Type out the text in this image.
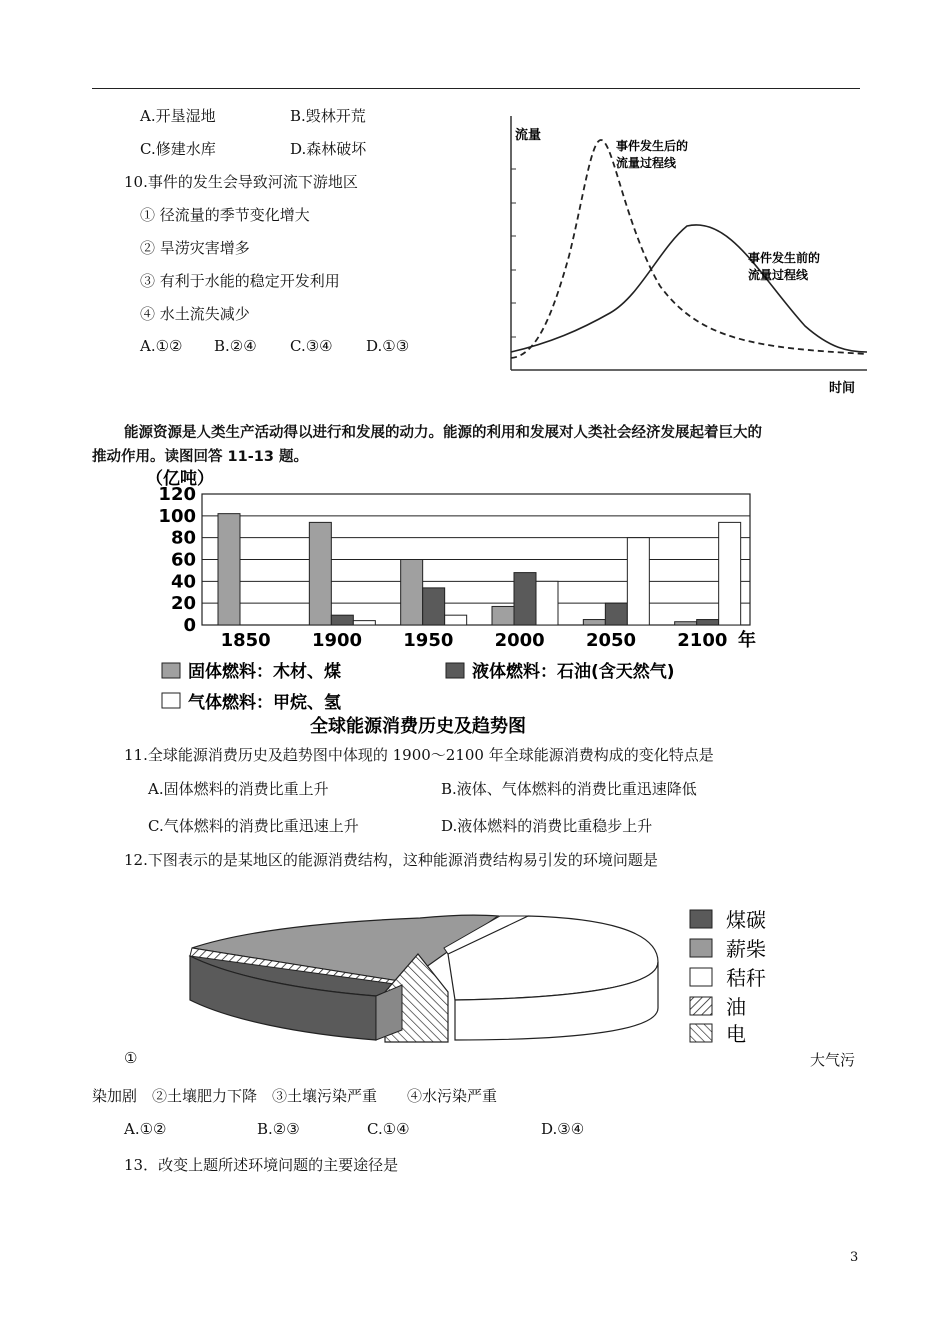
A.开垦湿地	B.毁林开荒
C.修建水库	D.森林破坏
10.事件的发生会导致河流下游地区
① 径流量的季节变化增大
② 旱涝灾害增多
③ 有利于水能的稳定开发利用
④ 水土流失减少
A.①② B.②④ C.③④ D.①③
流量
时间
事件发生后的
流量过程线
事件发生前的
流量过程线
能源资源是人类生产活动得以进行和发展的动力。能源的利用和发展对人类社会经济发展起着巨大的
推动作用。读图回答 11-13 题。
（亿吨）
0
20
40
60
80
100
120
1850 1900 1950 2000 2050 2100 年
固体燃料：木材、煤	液体燃料：石油(含天然气)
气体燃料：甲烷、氢
全球能源消费历史及趋势图
11.全球能源消费历史及趋势图中体现的 1900～2100 年全球能源消费构成的变化特点是
A.固体燃料的消费比重上升	B.液体、气体燃料的消费比重迅速降低
C.气体燃料的消费比重迅速上升	D.液体燃料的消费比重稳步上升
12.下图表示的是某地区的能源消费结构，这种能源消费结构易引发的环境问题是
煤碳
薪柴
秸秆
油
电
①	大气污
染加剧　②土壤肥力下降　③土壤污染严重　　④水污染严重
A.①②	B.②③	C.①④	D.③④
13．改变上题所述环境问题的主要途径是
3
